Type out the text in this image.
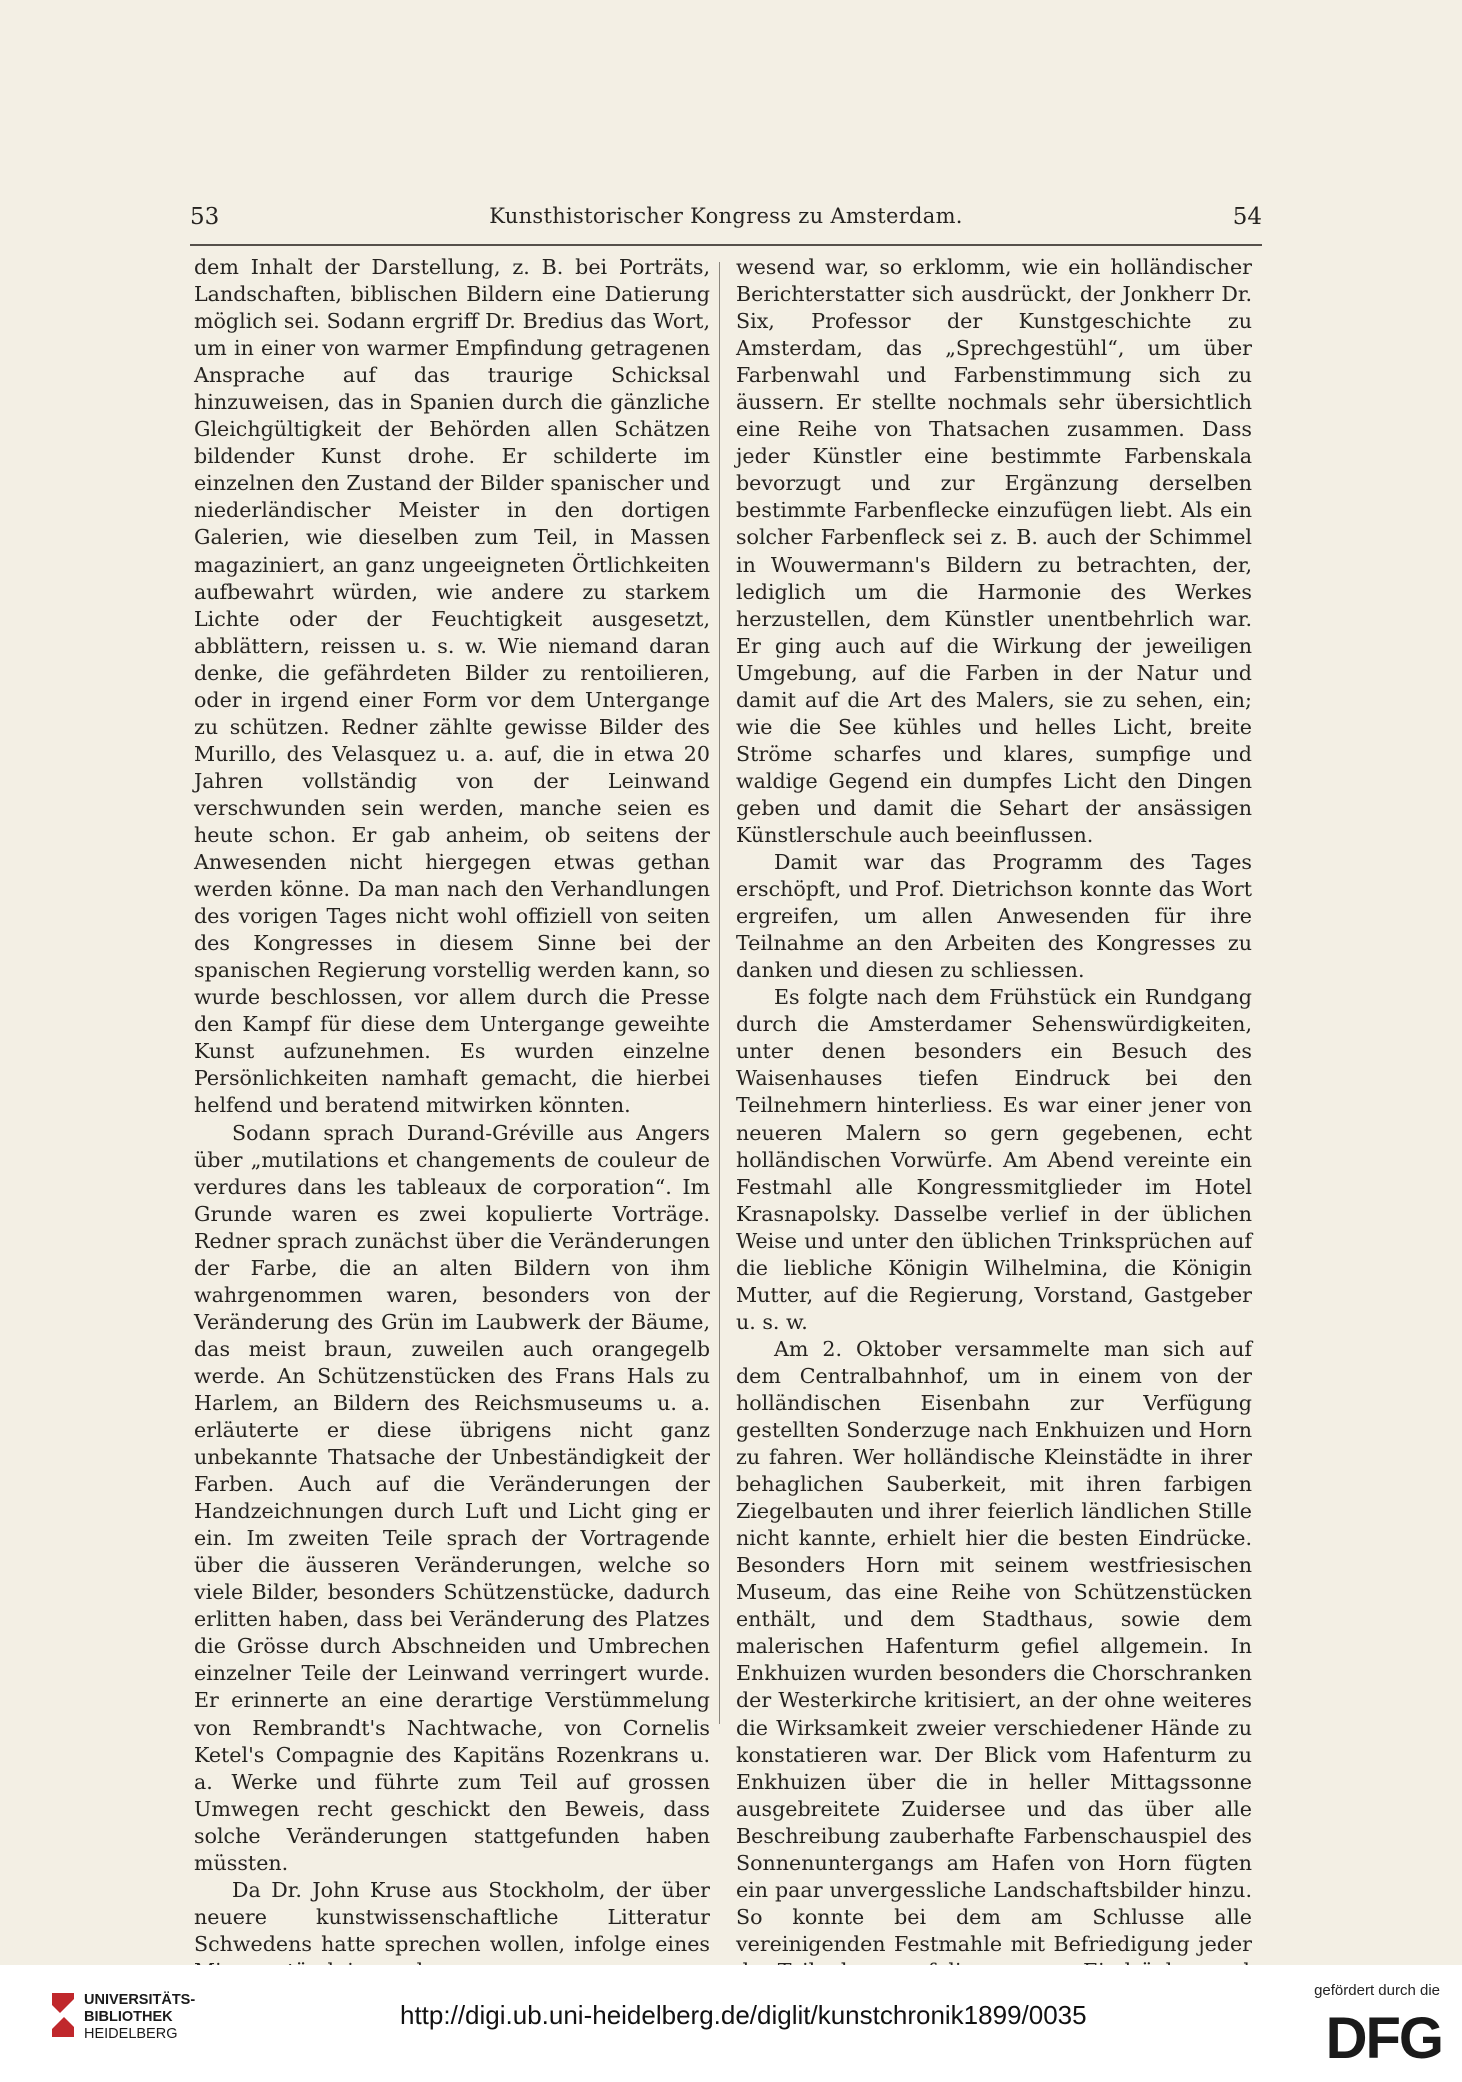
53	Kunsthistorischer Kongress zu Amsterdam.	54

dem Inhalt der Darstellung, z. B. bei Porträts, Landschaften, biblischen Bildern eine Datierung möglich sei. Sodann ergriff Dr. Bredius das Wort, um in einer von warmer Empfindung getragenen Ansprache auf das traurige Schicksal hinzuweisen, das in Spanien durch die gänzliche Gleichgültigkeit der Behörden allen Schätzen bildender Kunst drohe. Er schilderte im einzelnen den Zustand der Bilder spanischer und niederländischer Meister in den dortigen Galerien, wie dieselben zum Teil, in Massen magaziniert, an ganz ungeeigneten Örtlichkeiten aufbewahrt würden, wie andere zu starkem Lichte oder der Feuchtigkeit ausgesetzt, abblättern, reissen u. s. w. Wie niemand daran denke, die gefährdeten Bilder zu rentoilieren, oder in irgend einer Form vor dem Untergange zu schützen. Redner zählte gewisse Bilder des Murillo, des Velasquez u. a. auf, die in etwa 20 Jahren vollständig von der Leinwand verschwunden sein werden, manche seien es heute schon. Er gab anheim, ob seitens der Anwesenden nicht hiergegen etwas gethan werden könne. Da man nach den Verhandlungen des vorigen Tages nicht wohl offiziell von seiten des Kongresses in diesem Sinne bei der spanischen Regierung vorstellig werden kann, so wurde beschlossen, vor allem durch die Presse den Kampf für diese dem Untergange geweihte Kunst aufzunehmen. Es wurden einzelne Persönlichkeiten namhaft gemacht, die hierbei helfend und beratend mitwirken könnten.

Sodann sprach Durand-Gréville aus Angers über „mutilations et changements de couleur de verdures dans les tableaux de corporation“. Im Grunde waren es zwei kopulierte Vorträge. Redner sprach zunächst über die Veränderungen der Farbe, die an alten Bildern von ihm wahrgenommen waren, besonders von der Veränderung des Grün im Laubwerk der Bäume, das meist braun, zuweilen auch orangegelb werde. An Schützenstücken des Frans Hals zu Harlem, an Bildern des Reichsmuseums u. a. erläuterte er diese übrigens nicht ganz unbekannte Thatsache der Unbeständigkeit der Farben. Auch auf die Veränderungen der Handzeichnungen durch Luft und Licht ging er ein. Im zweiten Teile sprach der Vortragende über die äusseren Veränderungen, welche so viele Bilder, besonders Schützenstücke, dadurch erlitten haben, dass bei Veränderung des Platzes die Grösse durch Abschneiden und Umbrechen einzelner Teile der Leinwand verringert wurde. Er erinnerte an eine derartige Verstümmelung von Rembrandt's Nachtwache, von Cornelis Ketel's Compagnie des Kapitäns Rozenkrans u. a. Werke und führte zum Teil auf grossen Umwegen recht geschickt den Beweis, dass solche Veränderungen stattgefunden haben müssten.

Da Dr. John Kruse aus Stockholm, der über neuere kunstwissenschaftliche Litteratur Schwedens hatte sprechen wollen, infolge eines

wesend war, so erklomm, wie ein holländischer Berichterstatter sich ausdrückt, der Jonkherr Dr. Six, Professor der Kunstgeschichte zu Amsterdam, das „Sprechgestühl“, um über Farbenwahl und Farbenstimmung sich zu äussern. Er stellte nochmals sehr übersichtlich eine Reihe von Thatsachen zusammen. Dass jeder Künstler eine bestimmte Farbenskala bevorzugt und zur Ergänzung derselben bestimmte Farbenflecke einzufügen liebt. Als ein solcher Farbenfleck sei z. B. auch der Schimmel in Wouwermann's Bildern zu betrachten, der, lediglich um die Harmonie des Werkes herzustellen, dem Künstler unentbehrlich war. Er ging auch auf die Wirkung der jeweiligen Umgebung, auf die Farben in der Natur und damit auf die Art des Malers, sie zu sehen, ein; wie die See kühles und helles Licht, breite Ströme scharfes und klares, sumpfige und waldige Gegend ein dumpfes Licht den Dingen geben und damit die Sehart der ansässigen Künstlerschule auch beeinflussen.

Damit war das Programm des Tages erschöpft, und Prof. Dietrichson konnte das Wort ergreifen, um allen Anwesenden für ihre Teilnahme an den Arbeiten des Kongresses zu danken und diesen zu schliessen.

Es folgte nach dem Frühstück ein Rundgang durch die Amsterdamer Sehenswürdigkeiten, unter denen besonders ein Besuch des Waisenhauses tiefen Eindruck bei den Teilnehmern hinterliess. Es war einer jener von neueren Malern so gern gegebenen, echt holländischen Vorwürfe. Am Abend vereinte ein Festmahl alle Kongressmitglieder im Hotel Krasnapolsky. Dasselbe verlief in der üblichen Weise und unter den üblichen Trinksprüchen auf die liebliche Königin Wilhelmina, die Königin Mutter, auf die Regierung, Vorstand, Gastgeber u. s. w.

Am 2. Oktober versammelte man sich auf dem Centralbahnhof, um in einem von der holländischen Eisenbahn zur Verfügung gestellten Sonderzuge nach Enkhuizen und Horn zu fahren. Wer holländische Kleinstädte in ihrer behaglichen Sauberkeit, mit ihren farbigen Ziegelbauten und ihrer feierlich ländlichen Stille nicht kannte, erhielt hier die besten Eindrücke. Besonders Horn mit seinem westfriesischen Museum, das eine Reihe von Schützenstücken enthält, und dem Stadthaus, sowie dem malerischen Hafenturm gefiel allgemein. In Enkhuizen wurden besonders die Chorschranken der Westerkirche kritisiert, an der ohne weiteres die Wirksamkeit zweier verschiedener Hände zu konstatieren war. Der Blick vom Hafenturm zu Enkhuizen über die in heller Mittagssonne ausgebreitete Zuidersee und das über alle Beschreibung zauberhafte Farbenschauspiel des Sonnenuntergangs am Hafen von Horn fügten ein paar unvergessliche Landschaftsbilder hinzu. So konnte bei dem am Schlusse alle vereinigenden Festmahle mit Befriedigung jeder

UNIVERSITÄTS-
BIBLIOTHEK
HEIDELBERG
http://digi.ub.uni-heidelberg.de/diglit/kunstchronik1899/0035
gefördert durch die
DFG
